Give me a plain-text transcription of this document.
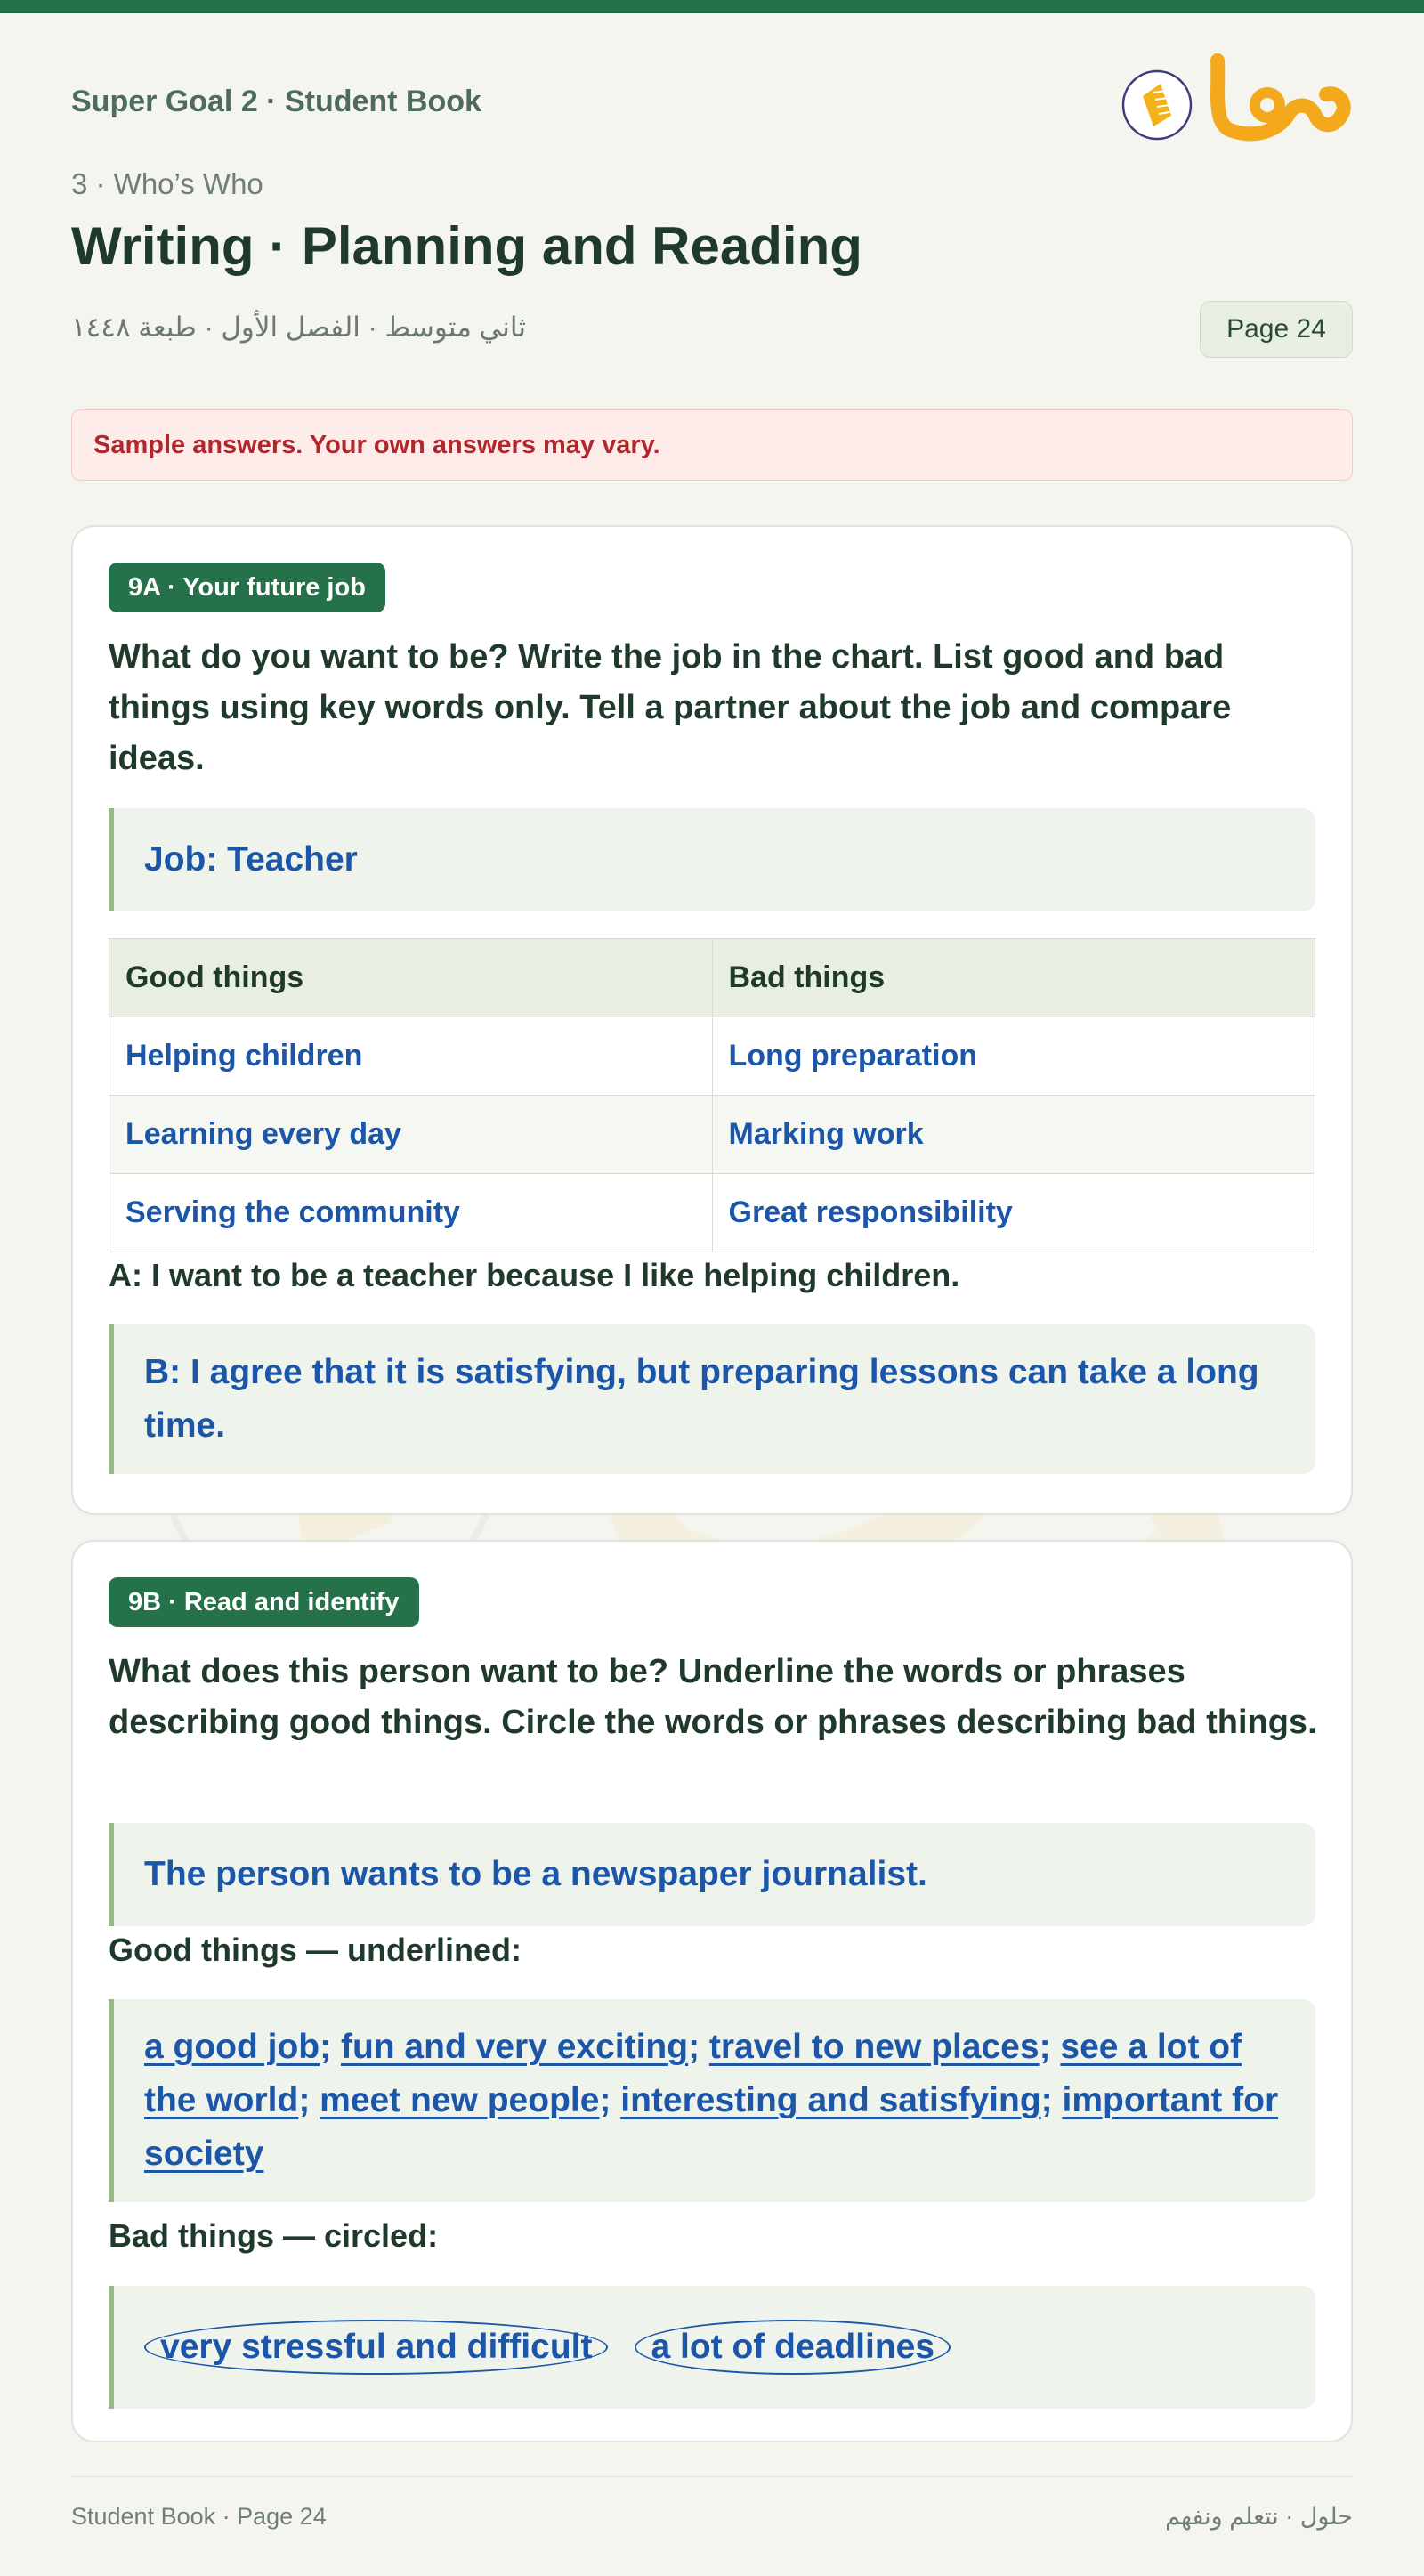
Super Goal 2 · Student Book
3 · Who’s Who
Writing · Planning and Reading
ثاني متوسط · الفصل الأول · طبعة ١٤٤٨	Page 24
Sample answers. Your own answers may vary.
9A · Your future job
What do you want to be? Write the job in the chart. List good and bad things using key words only. Tell a partner about the job and compare ideas.
Job: Teacher
Good things	Bad things
Helping children	Long preparation
Learning every day	Marking work
Serving the community	Great responsibility
A: I want to be a teacher because I like helping children.
B: I agree that it is satisfying, but preparing lessons can take a long time.
9B · Read and identify
What does this person want to be? Underline the words or phrases describing good things. Circle the words or phrases describing bad things.
The person wants to be a newspaper journalist.
Good things — underlined:
a good job; fun and very exciting; travel to new places; see a lot of the world; meet new people; interesting and satisfying; important for society
Bad things — circled:
very stressful and difficult	a lot of deadlines
Student Book · Page 24	حلول · نتعلم ونفهم
